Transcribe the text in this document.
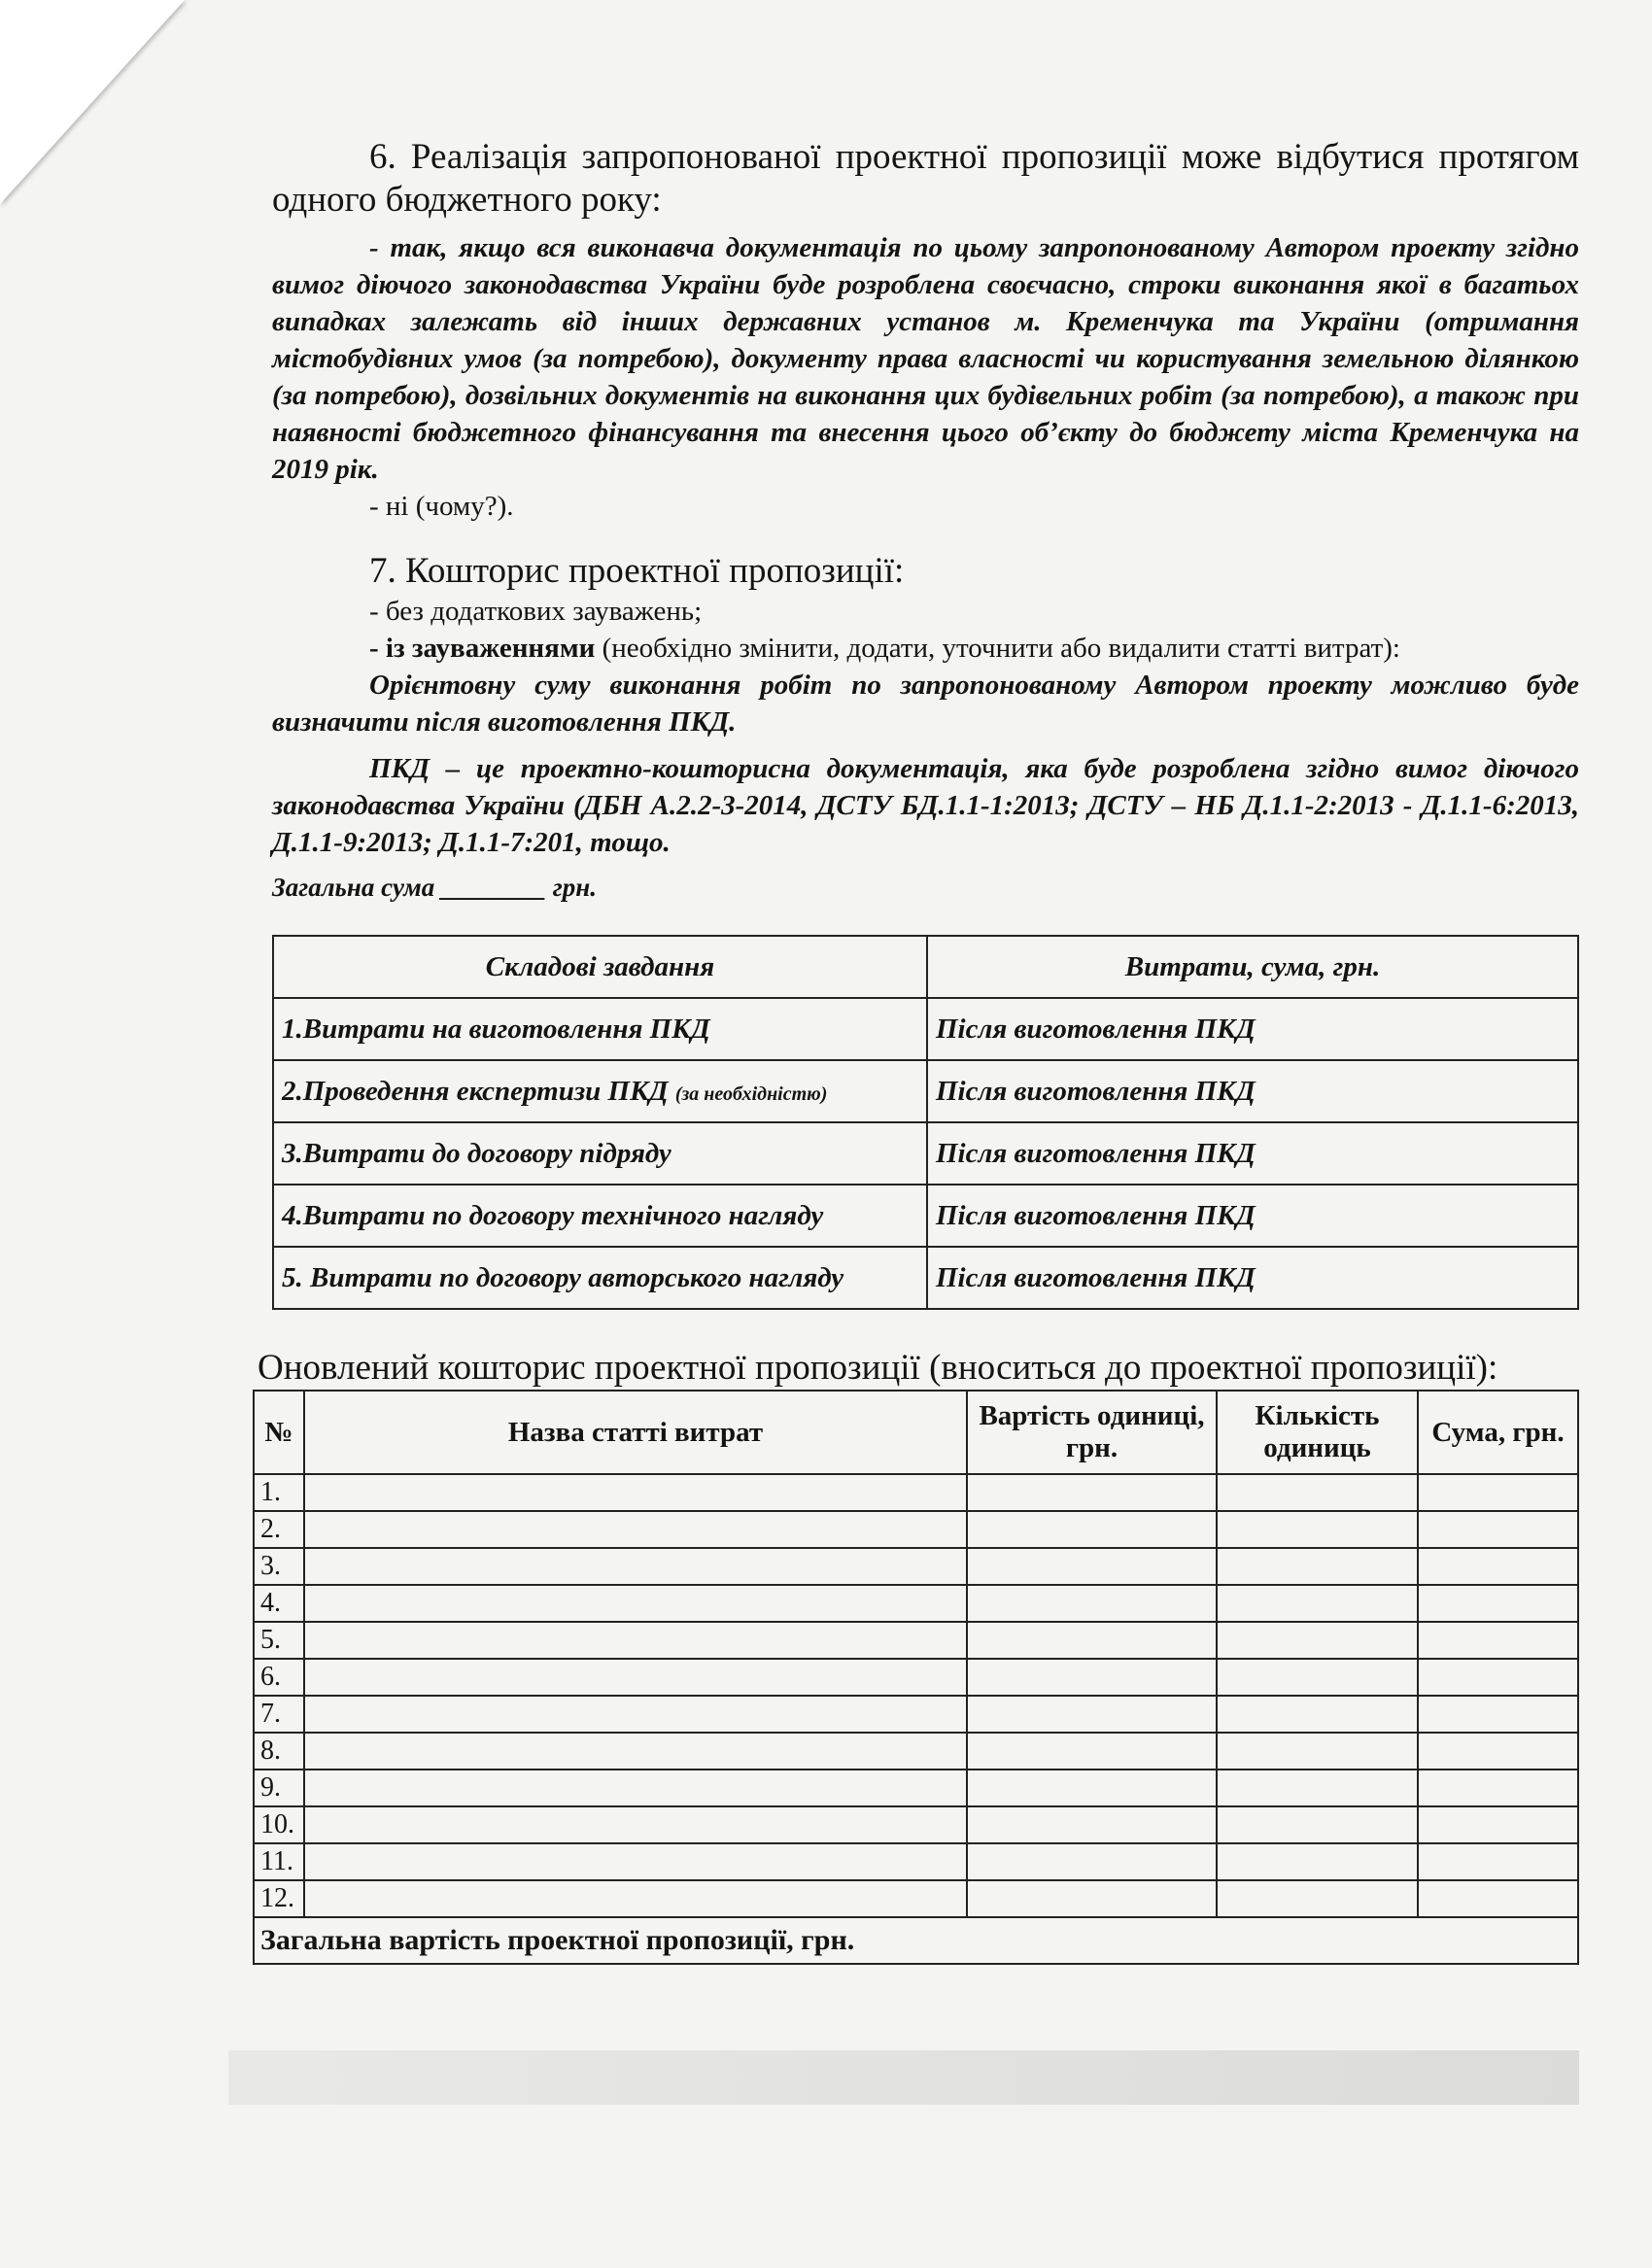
6. Реалізація запропонованої проектної пропозиції може відбутися протягом одного бюджетного року:

- так, якщо вся виконавча документація по цьому запропонованому Автором проекту згідно вимог діючого законодавства України буде розроблена своєчасно, строки виконання якої в багатьох випадках залежать від інших державних установ м. Кременчука та України (отримання містобудівних умов (за потребою), документу права власності чи користування земельною ділянкою (за потребою), дозвільних документів на виконання цих будівельних робіт (за потребою), а також при наявності бюджетного фінансування та внесення цього об’єкту до бюджету міста Кременчука на 2019 рік.

- ні (чому?).

7. Кошторис проектної пропозиції:

- без додаткових зауважень;

- із зауваженнями (необхідно змінити, додати, уточнити або видалити статті витрат):

Орієнтовну суму виконання робіт по запропонованому Автором проекту можливо буде визначити після виготовлення ПКД.

ПКД – це проектно-кошторисна документація, яка буде розроблена згідно вимог діючого законодавства України (ДБН А.2.2-3-2014, ДСТУ БД.1.1-1:2013; ДСТУ – НБ Д.1.1-2:2013 - Д.1.1-6:2013, Д.1.1-9:2013; Д.1.1-7:201, тощо.

Загальна сума ________ грн.

Складові завдання	Витрати, сума, грн.
1.Витрати на виготовлення ПКД	Після виготовлення ПКД
2.Проведення експертизи ПКД (за необхідністю)	Після виготовлення ПКД
3.Витрати до договору підряду	Після виготовлення ПКД
4.Витрати по договору технічного нагляду	Після виготовлення ПКД
5. Витрати по договору авторського нагляду	Після виготовлення ПКД

Оновлений кошторис проектної пропозиції (вноситься до проектної пропозиції):

№	Назва статті витрат	Вартість одиниці, грн.	Кількість одиниць	Сума, грн.
1.				
2.				
3.				
4.				
5.				
6.				
7.				
8.				
9.				
10.				
11.				
12.				
Загальна вартість проектної пропозиції, грн.				
